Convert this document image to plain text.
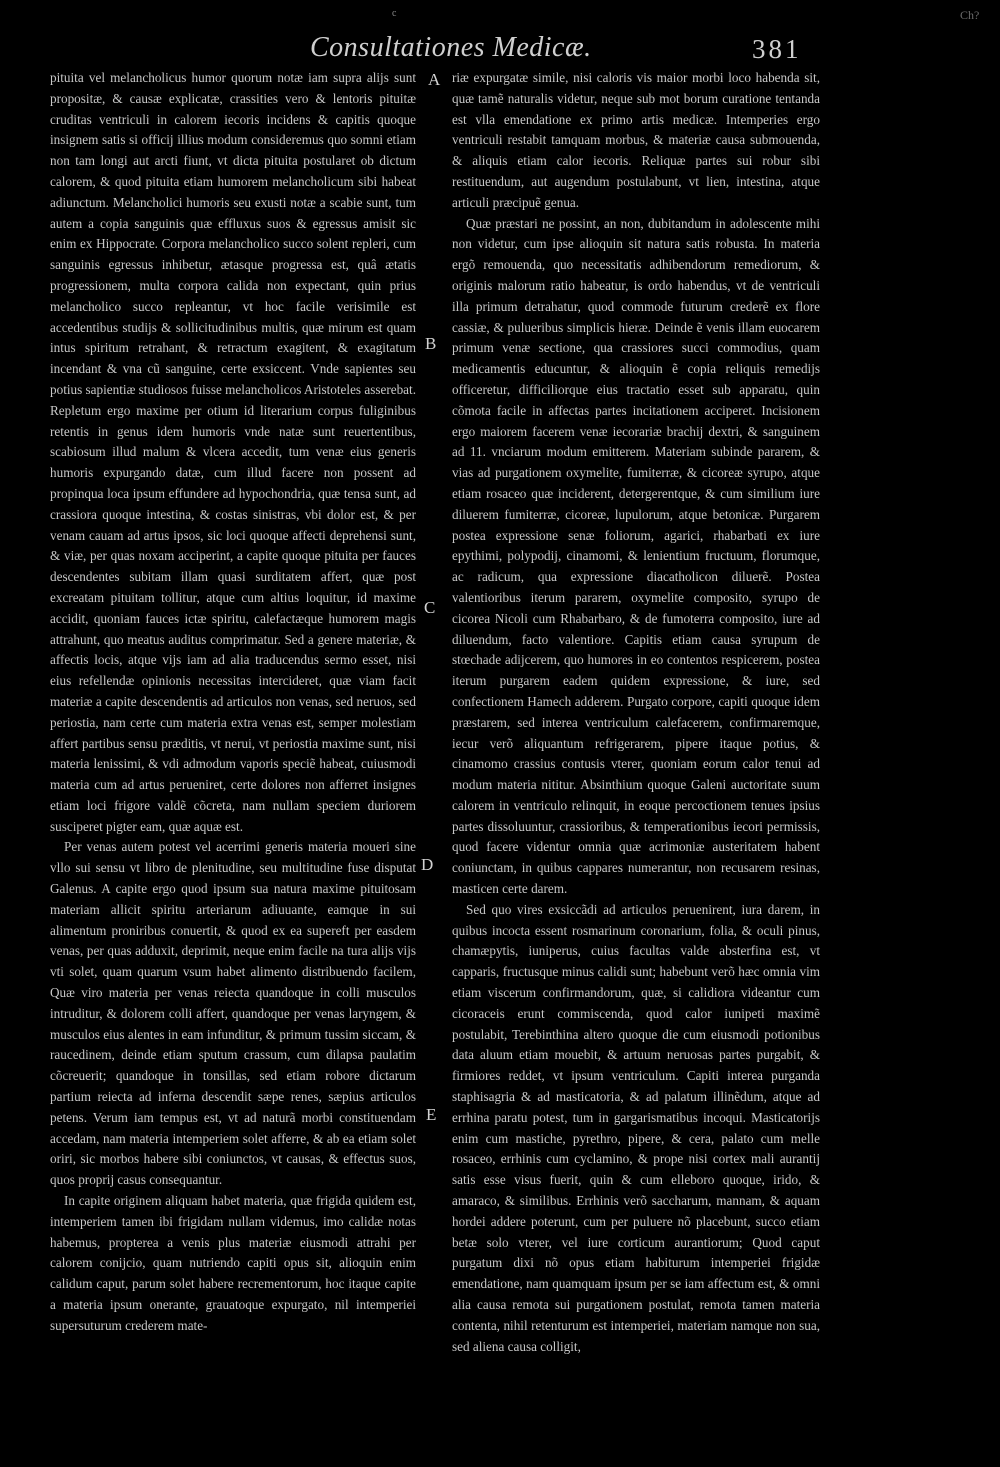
c
Consultationes Medicæ.	381
Ch?

pituita vel melancholicus humor quorum notæ iam supra alijs sunt propositæ, & causæ explicatæ, crassities vero & lentoris pituitæ cruditas ventriculi in calorem iecoris incidens & capitis quoque insignem satis si officij illius modum consideremus quo somni etiam non tam longi aut arcti fiunt, vt dicta pituita postularet ob dictum calorem, & quod pituita etiam humorem melancholicum sibi habeat adiunctum. Melancholici humoris seu exusti notæ a scabie sunt, tum autem a copia sanguinis quæ effluxus suos & egressus amisit sic enim ex Hippocrate. Corpora melancholico succo solent repleri, cum sanguinis egressus inhibetur, ætasque progressa est, quâ ætatis progressionem, multa corpora calida non expectant, quin prius melancholico succo repleantur, vt hoc facile verisimile est accedentibus studijs & sollicitudinibus multis, quæ mirum est quam intus spiritum retrahant, & retractum exagitent, & exagitatum incendant & vna cũ sanguine, certe exsiccent. Vnde sapientes seu potius sapientiæ studiosos fuisse melancholicos Aristoteles asserebat. Repletum ergo maxime per otium id literarium corpus fuliginibus retentis in genus idem humoris vnde natæ sunt reuertentibus, scabiosum illud malum & vlcera accedit, tum venæ eius generis humoris expurgando datæ, cum illud facere non possent ad propinqua loca ipsum effundere ad hypochondria, quæ tensa sunt, ad crassiora quoque intestina, & costas sinistras, vbi dolor est, & per venam cauam ad artus ipsos, sic loci quoque affecti deprehensi sunt, & viæ, per quas noxam acciperint, a capite quoque pituita per fauces descendentes subitam illam quasi surditatem affert, quæ post excreatam pituitam tollitur, atque cum altius loquitur, id maxime accidit, quoniam fauces ictæ spiritu, calefactæque humorem magis attrahunt, quo meatus auditus comprimatur. Sed a genere materiæ, & affectis locis, atque vijs iam ad alia traducendus sermo esset, nisi eius refellendæ opinionis necessitas intercideret, quæ viam facit materiæ a capite descendentis ad articulos non venas, sed neruos, sed periostia, nam certe cum materia extra venas est, semper molestiam affert partibus sensu præditis, vt nerui, vt periostia maxime sunt, nisi materia lenissimi, & vdi admodum vaporis speciẽ habeat, cuiusmodi materia cum ad artus perueniret, certe dolores non afferret insignes etiam loci frigore valdẽ cõcreta, nam nullam speciem duriorem susciperet pigter eam, quæ aquæ est.

Per venas autem potest vel acerrimi generis materia moueri sine vllo sui sensu vt libro de plenitudine, seu multitudine fuse disputat Galenus. A capite ergo quod ipsum sua natura maxime pituitosam materiam allicit spiritu arteriarum adiuuante, eamque in sui alimentum proniribus conuertit, & quod ex ea supereft per easdem venas, per quas adduxit, deprimit, neque enim facile na tura alijs vijs vti solet, quam quarum vsum habet alimento distribuendo facilem, Quæ viro materia per venas reiecta quandoque in colli musculos intruditur, & dolorem colli affert, quandoque per venas laryngem, & musculos eius alentes in eam infunditur, & primum tussim siccam, & raucedinem, deinde etiam sputum crassum, cum dilapsa paulatim cõcreuerit; quandoque in tonsillas, sed etiam robore dictarum partium reiecta ad inferna descendit sæpe renes, sæpius articulos petens. Verum iam tempus est, vt ad naturã morbi constituendam accedam, nam materia intemperiem solet afferre, & ab ea etiam solet oriri, sic morbos habere sibi coniunctos, vt causas, & effectus suos, quos proprij casus consequantur.

In capite originem aliquam habet materia, quæ frigida quidem est, intemperiem tamen ibi frigidam nullam videmus, imo calidæ notas habemus, propterea a venis plus materiæ eiusmodi attrahi per calorem conijcio, quam nutriendo capiti opus sit, alioquin enim calidum caput, parum solet habere recrementorum, hoc itaque capite a materia ipsum onerante, grauatoque expurgato, nil intemperiei supersuturum crederem mate-

A
B
C
D
E

riæ expurgatæ simile, nisi caloris vis maior morbi loco habenda sit, quæ tamẽ naturalis videtur, neque sub mot borum curatione tentanda est vlla emendatione ex primo artis medicæ. Intemperies ergo ventriculi restabit tamquam morbus, & materiæ causa submouenda, & aliquis etiam calor iecoris. Reliquæ partes sui robur sibi restituendum, aut augendum postulabunt, vt lien, intestina, atque articuli præcipuẽ genua.

Quæ præstari ne possint, an non, dubitandum in adolescente mihi non videtur, cum ipse alioquin sit natura satis robusta. In materia ergõ remouenda, quo necessitatis adhibendorum remediorum, & originis malorum ratio habeatur, is ordo habendus, vt de ventriculi illa primum detrahatur, quod commode futurum crederẽ ex flore cassiæ, & pulueribus simplicis hieræ. Deinde ẽ venis illam euocarem primum venæ sectione, qua crassiores succi commodius, quam medicamentis educuntur, & alioquin ẽ copia reliquis remedijs officeretur, difficiliorque eius tractatio esset sub apparatu, quin cõmota facile in affectas partes incitationem acciperet. Incisionem ergo maiorem facerem venæ iecorariæ brachij dextri, & sanguinem ad 11. vnciarum modum emitterem. Materiam subinde pararem, & vias ad purgationem oxymelite, fumiterræ, & cicoreæ syrupo, atque etiam rosaceo quæ inciderent, detergerentque, & cum similium iure diluerem fumiterræ, cicoreæ, lupulorum, atque betonicæ. Purgarem postea expressione senæ foliorum, agarici, rhabarbati ex iure epythimi, polypodij, cinamomi, & lenientium fructuum, florumque, ac radicum, qua expressione diacatholicon diluerẽ. Postea valentioribus iterum pararem, oxymelite composito, syrupo de cicorea Nicoli cum Rhabarbaro, & de fumoterra composito, iure ad diluendum, facto valentiore. Capitis etiam causa syrupum de stœchade adijcerem, quo humores in eo contentos respicerem, postea iterum purgarem eadem quidem expressione, & iure, sed confectionem Hamech adderem. Purgato corpore, capiti quoque idem præstarem, sed interea ventriculum calefacerem, confirmaremque, iecur verõ aliquantum refrigerarem, pipere itaque potius, & cinamomo crassius contusis vterer, quoniam eorum calor tenui ad modum materia nititur. Absinthium quoque Galeni auctoritate suum calorem in ventriculo relinquit, in eoque percoctionem tenues ipsius partes dissoluuntur, crassioribus, & temperationibus iecori permissis, quod facere videntur omnia quæ acrimoniæ austeritatem habent coniunctam, in quibus cappares numerantur, non recusarem resinas, masticen certe darem.

Sed quo vires exsiccãdi ad articulos peruenirent, iura darem, in quibus incocta essent rosmarinum coronarium, folia, & oculi pinus, chamæpytis, iuniperus, cuius facultas valde absterfina est, vt capparis, fructusque minus calidi sunt; habebunt verõ hæc omnia vim etiam viscerum confirmandorum, quæ, si calidiora videantur cum cicoraceis erunt commiscenda, quod calor iunipeti maximẽ postulabit, Terebinthina altero quoque die cum eiusmodi potionibus data aluum etiam mouebit, & artuum neruosas partes purgabit, & firmiores reddet, vt ipsum ventriculum. Capiti interea purganda staphisagria & ad masticatoria, & ad palatum illinẽdum, atque ad errhina paratu potest, tum in gargarismatibus incoqui. Masticatorijs enim cum mastiche, pyrethro, pipere, & cera, palato cum melle rosaceo, errhinis cum cyclamino, & prope nisi cortex mali aurantij satis esse visus fuerit, quin & cum elleboro quoque, irido, & amaraco, & similibus. Errhinis verõ saccharum, mannam, & aquam hordei addere poterunt, cum per puluere nõ placebunt, succo etiam betæ solo vterer, vel iure corticum aurantiorum; Quod caput purgatum dixi nõ opus etiam habiturum intemperiei frigidæ emendatione, nam quamquam ipsum per se iam affectum est, & omni alia causa remota sui purgationem postulat, remota tamen materia contenta, nihil retenturum est intemperiei, materiam namque non sua, sed aliena causa colligit,
